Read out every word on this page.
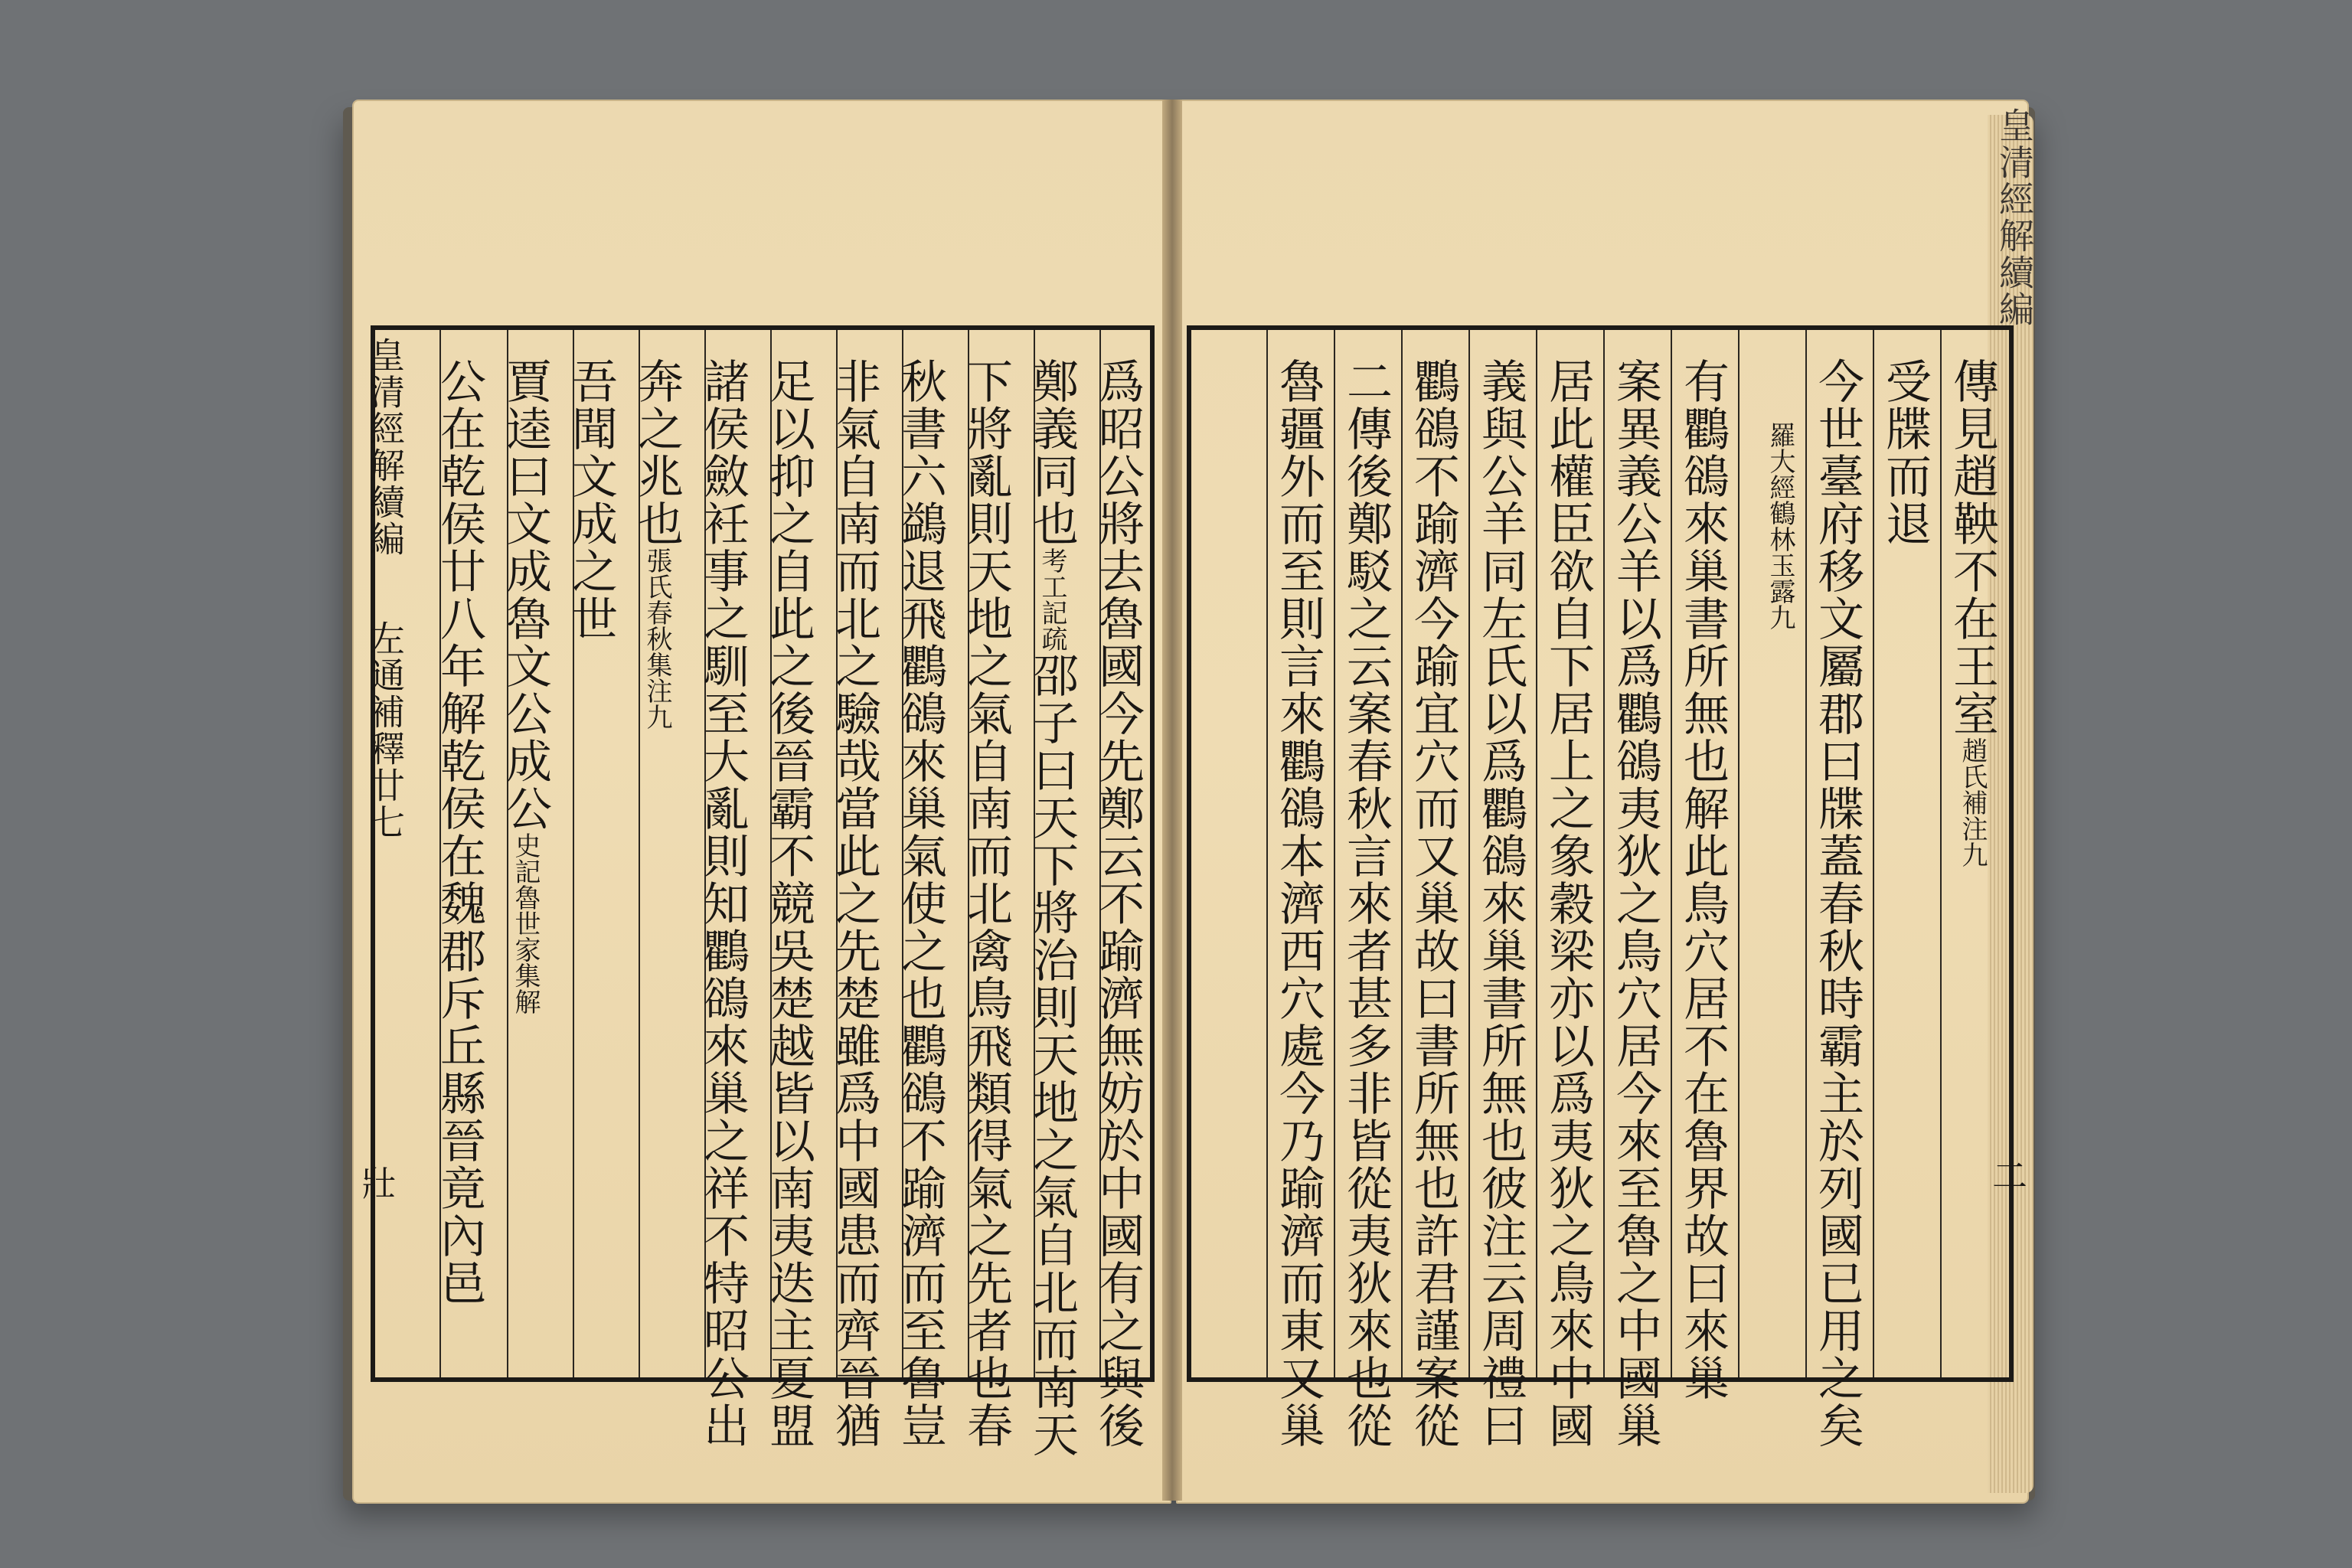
爲昭公將去魯國今先鄭云不踰濟無妨於中國有之與後
鄭義同也考工記疏邵子曰天下將治則天地之氣自北而南天
下將亂則天地之氣自南而北禽鳥飛類得氣之先者也春
秋書六鷁退飛鸜鵒來巢氣使之也鸜鵒不踰濟而至魯豈
非氣自南而北之驗哉當此之先楚雖爲中國患而齊晉猶
足以抑之自此之後晉霸不競吳楚越皆以南夷迭主夏盟
諸侯斂衽事之馴至大亂則知鸜鵒來巢之祥不特昭公出
奔之兆也張氏春秋集注九
吾聞文成之世
賈逵曰文成魯文公成公史記魯世家集解
公在乾侯廿八年解乾侯在魏郡斥丘縣晉竟內邑
皇清經解續編
左通補釋廿七
壯
傳見趙鞅不在王室趙氏補注九
受牒而退
今世臺府移文屬郡曰牒蓋春秋時霸主於列國已用之矣
羅大經鶴林玉露九
有鸜鵒來巢書所無也解此鳥穴居不在魯界故曰來巢
案異義公羊以爲鸜鵒夷狄之鳥穴居今來至魯之中國巢
居此權臣欲自下居上之象穀梁亦以爲夷狄之鳥來中國
義與公羊同左氏以爲鸜鵒來巢書所無也彼注云周禮曰
鸜鵒不踰濟今踰宜穴而又巢故曰書所無也許君謹案從
二傳後鄭駁之云案春秋言來者甚多非皆從夷狄來也從
魯疆外而至則言來鸜鵒本濟西穴處今乃踰濟而東又巢
皇清經解續編
二
